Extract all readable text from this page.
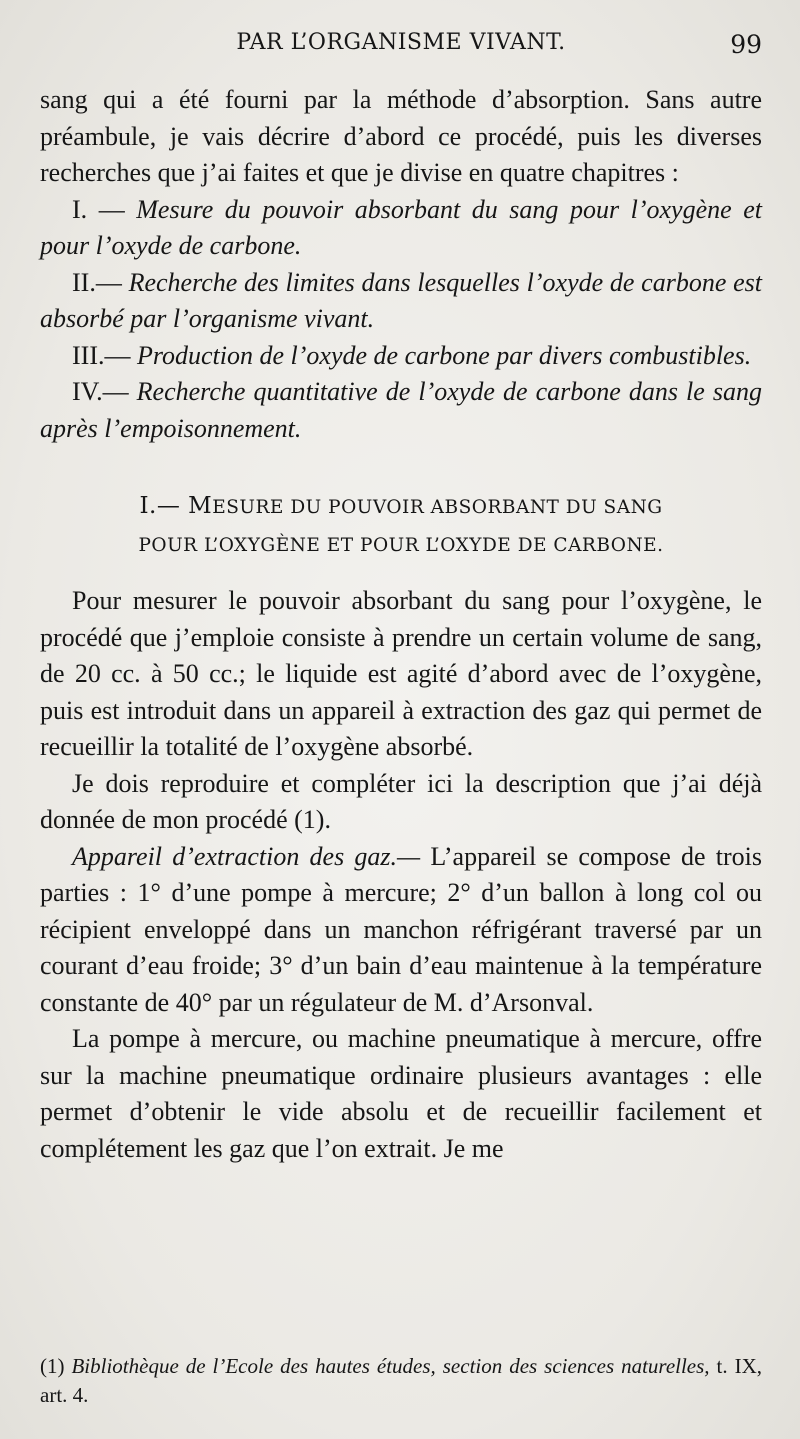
PAR L’ORGANISME VIVANT.	99

sang qui a été fourni par la méthode d’absorption. Sans autre préambule, je vais décrire d’abord ce procédé, puis les diverses recherches que j’ai faites et que je divise en quatre chapitres :

I. — Mesure du pouvoir absorbant du sang pour l’oxygène et pour l’oxyde de carbone.

II.— Recherche des limites dans lesquelles l’oxyde de carbone est absorbé par l’organisme vivant.

III.— Production de l’oxyde de carbone par divers combustibles.

IV.— Recherche quantitative de l’oxyde de carbone dans le sang après l’empoisonnement.

I.— MESURE DU POUVOIR ABSORBANT DU SANG
POUR L’OXYGÈNE ET POUR L’OXYDE DE CARBONE.

Pour mesurer le pouvoir absorbant du sang pour l’oxygène, le procédé que j’emploie consiste à prendre un certain volume de sang, de 20 cc. à 50 cc.; le liquide est agité d’abord avec de l’oxygène, puis est introduit dans un appareil à extraction des gaz qui permet de recueillir la totalité de l’oxygène absorbé.

Je dois reproduire et compléter ici la description que j’ai déjà donnée de mon procédé (1).

Appareil d’extraction des gaz.— L’appareil se compose de trois parties : 1° d’une pompe à mercure; 2° d’un ballon à long col ou récipient enveloppé dans un manchon réfrigérant traversé par un courant d’eau froide; 3° d’un bain d’eau maintenue à la température constante de 40° par un régulateur de M. d’Arsonval.

La pompe à mercure, ou machine pneumatique à mercure, offre sur la machine pneumatique ordinaire plusieurs avantages : elle permet d’obtenir le vide absolu et de recueillir facilement et complétement les gaz que l’on extrait. Je me

(1) Bibliothèque de l’Ecole des hautes études, section des sciences naturelles, t. IX, art. 4.
